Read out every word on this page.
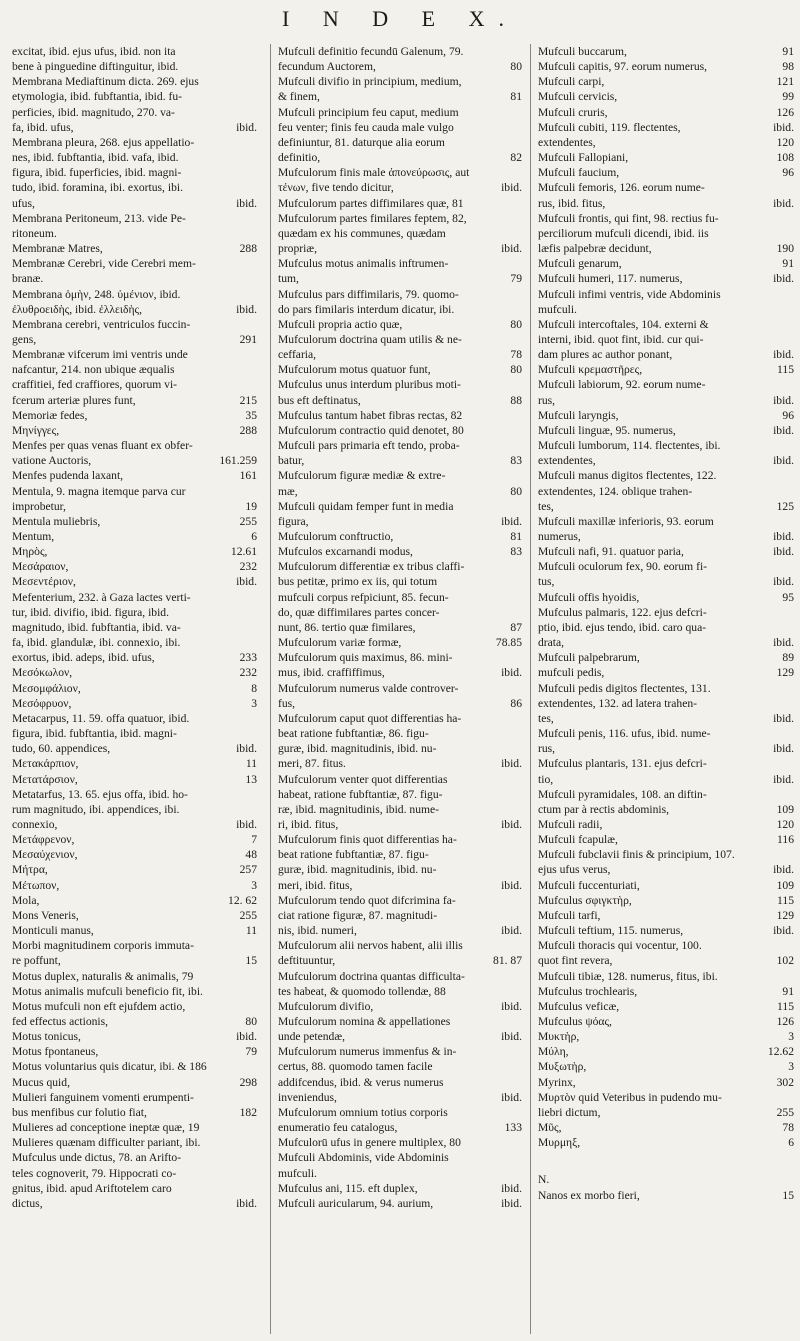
I N D E X.
excitat, ibid. ejus ufus, ibid. non ita
bene à pinguedine diftinguitur, ibid.
Membrana Mediaftinum dicta. 269. ejus
etymologia, ibid. fubftantia, ibid. fu-
perficies, ibid. magnitudo, 270. va-
fa, ibid. ufus,	ibid.
Membrana pleura, 268. ejus appellatio-
nes, ibid. fubftantia, ibid. vafa, ibid.
figura, ibid. fuperficies, ibid. magni-
tudo, ibid. foramina, ibi. exortus, ibi.
ufus,	ibid.
Membrana Peritoneum, 213. vide Pe-
ritoneum.
Membranæ Matres,	288
Membranæ Cerebri, vide Cerebri mem-
branæ.
Membrana ὁμὴν, 248. ὑμένιον, ibid.
ἐλυθροειδὴς, ibid. ἐλλειδὴς,	ibid.
Membrana cerebri, ventriculos fuccin-
gens,	291
Membranæ vifcerum imi ventris unde
nafcantur, 214. non ubique æqualis
craffitiei, fed craffiores, quorum vi-
fcerum arteriæ plures funt,	215
Memoriæ fedes,	35
Μηνίγγες,	288
Menfes per quas venas fluant ex obfer-
vatione Auctoris,	161.259
Menfes pudenda laxant,	161
Mentula, 9. magna itemque parva cur
improbetur,	19
Mentula muliebris,	255
Mentum,	6
Μηρὸς,	12.61
Μεσάραιον,	232
Μεσεντέριον,	ibid.
Mefenterium, 232. à Gaza lactes verti-
tur, ibid. divifio, ibid. figura, ibid.
magnitudo, ibid. fubftantia, ibid. va-
fa, ibid. glandulæ, ibi. connexio, ibi.
exortus, ibid. adeps, ibid. ufus,	233
Μεσόκωλον,	232
Μεσομφάλιον,	8
Μεσόφρυον,	3
Metacarpus, 11. 59. offa quatuor, ibid.
figura, ibid. fubftantia, ibid. magni-
tudo, 60. appendices,	ibid.
Μετακάρπιον,	11
Μετατάρσιον,	13
Metatarfus, 13. 65. ejus offa, ibid. ho-
rum magnitudo, ibi. appendices, ibi.
connexio,	ibid.
Μετάφρενον,	7
Μεσαύχενιον,	48
Μήτρα,	257
Μέτωπον,	3
Mola,	12. 62
Mons Veneris,	255
Monticuli manus,	11
Morbi magnitudinem corporis immuta-
re poffunt,	15
Motus duplex, naturalis & animalis, 79
Motus animalis mufculi beneficio fit, ibi.
Motus mufculi non eft ejufdem actio,
fed effectus actionis,	80
Motus tonicus,	ibid.
Motus fpontaneus,	79
Motus voluntarius quis dicatur, ibi. & 186
Mucus quid,	298
Mulieri fanguinem vomenti erumpenti-
bus menfibus cur folutio fiat,	182
Mulieres ad conceptione ineptæ quæ, 19
Mulieres quænam difficulter pariant, ibi.
Mufculus unde dictus, 78. an Arifto-
teles cognoverit, 79. Hippocrati co-
gnitus, ibid. apud Ariftotelem caro
dictus,	ibid.
Mufculi definitio fecundū Galenum, 79.
fecundum Auctorem,	80
Mufculi divifio in principium, medium,
& finem,	81
Mufculi principium feu caput, medium
feu venter; finis feu cauda male vulgo
definiuntur, 81. daturque alia eorum
definitio,	82
Mufculorum finis male ἀπονεύρωσις, aut
τένων, five tendo dicitur,	ibid.
Mufculorum partes diffimilares quæ, 81
Mufculorum partes fimilares feptem, 82,
quædam ex his communes, quædam
propriæ,	ibid.
Mufculus motus animalis inftrumen-
tum,	79
Mufculus pars diffimilaris, 79. quomo-
do pars fimilaris interdum dicatur, ibi.
Mufculi propria actio quæ,	80
Mufculorum doctrina quam utilis & ne-
ceffaria,	78
Mufculorum motus quatuor funt,	80
Mufculus unus interdum pluribus moti-
bus eft deftinatus,	88
Mufculus tantum habet fibras rectas, 82
Mufculorum contractio quid denotet, 80
Mufculi pars primaria eft tendo, proba-
batur,	83
Mufculorum figuræ mediæ & extre-
mæ,	80
Mufculi quidam femper funt in media
figura,	ibid.
Mufculorum conftructio,	81
Mufculos excarnandi modus,	83
Mufculorum differentiæ ex tribus claffi-
bus petitæ, primo ex iis, qui totum
mufculi corpus refpiciunt, 85. fecun-
do, quæ diffimilares partes concer-
nunt, 86. tertio quæ fimilares,	87
Mufculorum variæ formæ,	78.85
Mufculorum quis maximus, 86. mini-
mus, ibid. craffiffimus,	ibid.
Mufculorum numerus valde controver-
fus,	86
Mufculorum caput quot differentias ha-
beat ratione fubftantiæ, 86. figu-
guræ, ibid. magnitudinis, ibid. nu-
meri, 87. fitus.	ibid.
Mufculorum venter quot differentias
habeat, ratione fubftantiæ, 87. figu-
ræ, ibid. magnitudinis, ibid. nume-
ri, ibid. fitus,	ibid.
Mufculorum finis quot differentias ha-
beat ratione fubftantiæ, 87. figu-
guræ, ibid. magnitudinis, ibid. nu-
meri, ibid. fitus,	ibid.
Mufculorum tendo quot difcrimina fa-
ciat ratione figuræ, 87. magnitudi-
nis, ibid. numeri,	ibid.
Mufculorum alii nervos habent, alii illis
deftituuntur,	81. 87
Mufculorum doctrina quantas difficulta-
tes habeat, & quomodo tollendæ, 88
Mufculorum divifio,	ibid.
Mufculorum nomina & appellationes
unde petendæ,	ibid.
Mufculorum numerus immenfus & in-
certus, 88. quomodo tamen facile
addifcendus, ibid. & verus numerus
inveniendus,	ibid.
Mufculorum omnium totius corporis
enumeratio feu catalogus,	133
Mufculorū ufus in genere multiplex, 80
Mufculi Abdominis, vide Abdominis
mufculi.
Mufculus ani, 115. eft duplex,	ibid.
Mufculi auricularum, 94. aurium,	ibid.
Mufculi buccarum,	91
Mufculi capitis, 97. eorum numerus,	98
Mufculi carpi,	121
Mufculi cervicis,	99
Mufculi cruris,	126
Mufculi cubiti, 119. flectentes,	ibid.
extendentes,	120
Mufculi Fallopiani,	108
Mufculi faucium,	96
Mufculi femoris, 126. eorum nume-
rus, ibid. fitus,	ibid.
Mufculi frontis, qui fint, 98. rectius fu-
perciliorum mufculi dicendi, ibid. iis
læfis palpebræ decidunt,	190
Mufculi genarum,	91
Mufculi humeri, 117. numerus,	ibid.
Mufculi infimi ventris, vide Abdominis
mufculi.
Mufculi intercoftales, 104. externi &
interni, ibid. quot fint, ibid. cur qui-
dam plures ac author ponant,	ibid.
Mufculi κρεμαστῆρες,	115
Mufculi labiorum, 92. eorum nume-
rus,	ibid.
Mufculi laryngis,	96
Mufculi linguæ, 95. numerus,	ibid.
Mufculi lumborum, 114. flectentes, ibi.
extendentes,	ibid.
Mufculi manus digitos flectentes, 122.
extendentes, 124. oblique trahen-
tes,	125
Mufculi maxillæ inferioris, 93. eorum
numerus,	ibid.
Mufculi nafi, 91. quatuor paria,	ibid.
Mufculi oculorum fex, 90. eorum fi-
tus,	ibid.
Mufculi offis hyoidis,	95
Mufculus palmaris, 122. ejus defcri-
ptio, ibid. ejus tendo, ibid. caro qua-
drata,	ibid.
Mufculi palpebrarum,	89
mufculi pedis,	129
Mufculi pedis digitos flectentes, 131.
extendentes, 132. ad latera trahen-
tes,	ibid.
Mufculi penis, 116. ufus, ibid. nume-
rus,	ibid.
Mufculus plantaris, 131. ejus defcri-
tio,	ibid.
Mufculi pyramidales, 108. an diftin-
ctum par à rectis abdominis,	109
Mufculi radii,	120
Mufculi fcapulæ,	116
Mufculi fubclavii finis & principium, 107.
ejus ufus verus,	ibid.
Mufculi fuccenturiati,	109
Mufculus σφιγκτὴρ,	115
Mufculi tarfi,	129
Mufculi teftium, 115. numerus,	ibid.
Mufculi thoracis qui vocentur, 100.
quot fint revera,	102
Mufculi tibiæ, 128. numerus, fitus, ibi.
Mufculus trochlearis,	91
Mufculus veficæ,	115
Mufculus ψόας,	126
Μυκτὴρ,	3
Μύλη,	12.62
Μυξωτὴρ,	3
Myrinx,	302
Μυρτὸν quid Veteribus in pudendo mu-
liebri dictum,	255
Μῦς,	78
Μυρμηξ,	6
N.
Nanos ex morbo fieri,	15
